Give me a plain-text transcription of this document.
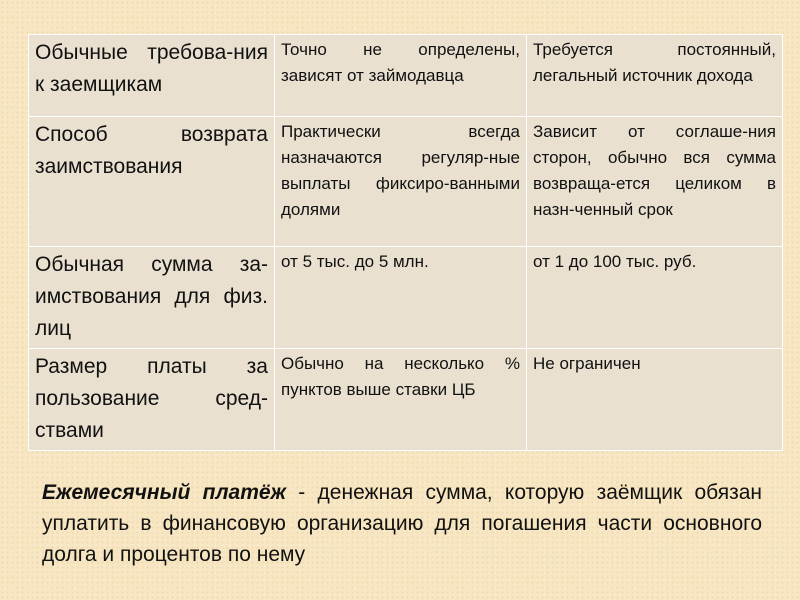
Обычные требова-ния к заемщикам	Точно не определены, зависят от займодавца	Требуется постоянный, легальный источник дохода
Способ возврата заимствования	Практически всегда назначаются регуляр-ные выплаты фиксиро-ванными долями	Зависит от соглаше-ния сторон, обычно вся сумма возвраща-ется целиком в назн-ченный срок
Обычная сумма за-имствования для физ. лиц	от 5 тыс. до 5 млн.	от 1 до 100 тыс. руб.
Размер платы за пользование сред-ствами	Обычно на несколько % пунктов выше ставки ЦБ	Не ограничен

Ежемесячный платёж - денежная сумма, которую заёмщик обязан уплатить в финансовую организацию для погашения части основного долга и процентов по нему
